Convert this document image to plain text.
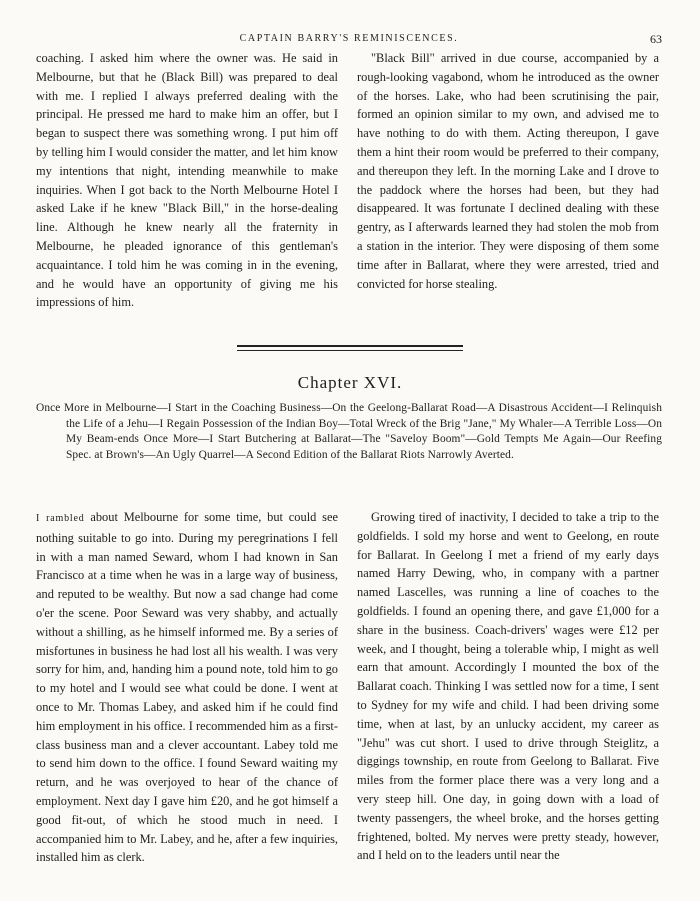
CAPTAIN BARRY'S REMINISCENCES.	63

coaching. I asked him where the owner was. He said in Melbourne, but that he (Black Bill) was prepared to deal with me. I replied I always preferred dealing with the principal. He pressed me hard to make him an offer, but I began to suspect there was something wrong. I put him off by telling him I would consider the matter, and let him know my intentions that night, intending meanwhile to make inquiries. When I got back to the North Melbourne Hotel I asked Lake if he knew "Black Bill," in the horse-dealing line. Although he knew nearly all the fraternity in Melbourne, he pleaded ignorance of this gentleman's acquaintance. I told him he was coming in in the evening, and he would have an opportunity of giving me his impressions of him.

"Black Bill" arrived in due course, accompanied by a rough-looking vagabond, whom he introduced as the owner of the horses. Lake, who had been scrutinising the pair, formed an opinion similar to my own, and advised me to have nothing to do with them. Acting thereupon, I gave them a hint their room would be preferred to their company, and thereupon they left. In the morning Lake and I drove to the paddock where the horses had been, but they had disappeared. It was fortunate I declined dealing with these gentry, as I afterwards learned they had stolen the mob from a station in the interior. They were disposing of them some time after in Ballarat, where they were arrested, tried and convicted for horse stealing.

Chapter XVI.
Once More in Melbourne—I Start in the Coaching Business—On the Geelong-Ballarat Road—A Disastrous Accident—I Relinquish the Life of a Jehu—I Regain Possession of the Indian Boy—Total Wreck of the Brig "Jane," My Whaler—A Terrible Loss—On My Beam-ends Once More—I Start Butchering at Ballarat—The "Saveloy Boom"—Gold Tempts Me Again—Our Reefing Spec. at Brown's—An Ugly Quarrel—A Second Edition of the Ballarat Riots Narrowly Averted.

I rambled about Melbourne for some time, but could see nothing suitable to go into. During my peregrinations I fell in with a man named Seward, whom I had known in San Francisco at a time when he was in a large way of business, and reputed to be wealthy. But now a sad change had come o'er the scene. Poor Seward was very shabby, and actually without a shilling, as he himself informed me. By a series of misfortunes in business he had lost all his wealth. I was very sorry for him, and, handing him a pound note, told him to go to my hotel and I would see what could be done. I went at once to Mr. Thomas Labey, and asked him if he could find him employment in his office. I recommended him as a first-class business man and a clever accountant. Labey told me to send him down to the office. I found Seward waiting my return, and he was overjoyed to hear of the chance of employment. Next day I gave him £20, and he got himself a good fit-out, of which he stood much in need. I accompanied him to Mr. Labey, and he, after a few inquiries, installed him as clerk.

Growing tired of inactivity, I decided to take a trip to the goldfields. I sold my horse and went to Geelong, en route for Ballarat. In Geelong I met a friend of my early days named Harry Dewing, who, in company with a partner named Lascelles, was running a line of coaches to the goldfields. I found an opening there, and gave £1,000 for a share in the business. Coach-drivers' wages were £12 per week, and I thought, being a tolerable whip, I might as well earn that amount. Accordingly I mounted the box of the Ballarat coach. Thinking I was settled now for a time, I sent to Sydney for my wife and child. I had been driving some time, when at last, by an unlucky accident, my career as "Jehu" was cut short. I used to drive through Steiglitz, a diggings township, en route from Geelong to Ballarat. Five miles from the former place there was a very long and a very steep hill. One day, in going down with a load of twenty passengers, the wheel broke, and the horses getting frightened, bolted. My nerves were pretty steady, however, and I held on to the leaders until near the
